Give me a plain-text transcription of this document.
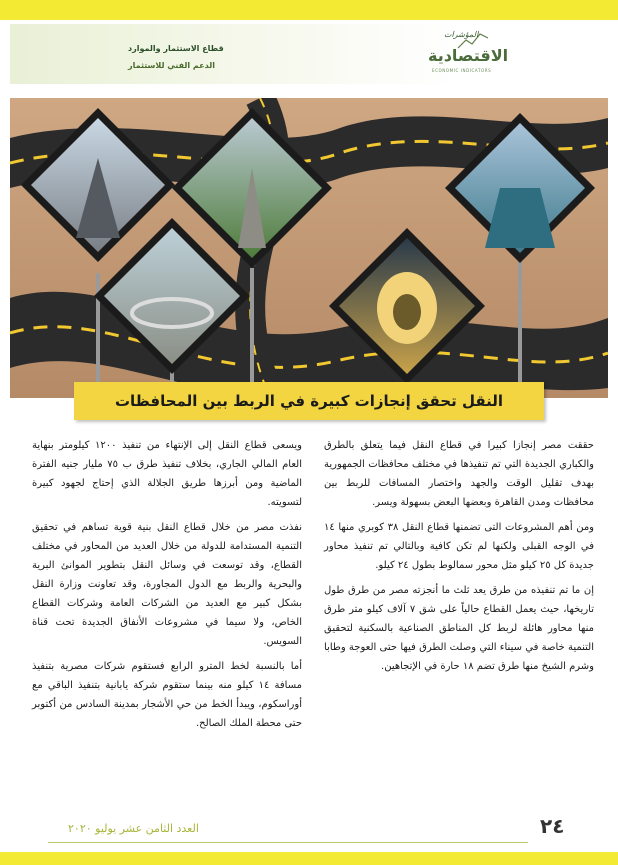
قطاع الاستثمار والموارد
الدعم الفني للاستثمار
المؤشرات
الاقتصادية
ECONOMIC INDICATORS
النقل تحقق إنجازات كبيرة في الربط بين المحافظات

حققت مصر إنجازا كبيرا في قطاع النقل فيما يتعلق بالطرق والكباري الجديدة التي تم تنفيذها في مختلف محافظات الجمهورية بهدف تقليل الوقت والجهد واختصار المسافات للربط بين محافظات ومدن القاهرة وبعضها البعض بسهولة ويسر.

ومن أهم المشروعات التى تضمنها قطاع النقل ٣٨ كوبري منها ١٤ في الوجه القبلى ولكنها لم تكن كافية وبالتالي تم تنفيذ محاور جديدة كل ٢٥ كيلو مثل محور سمالوط بطول ٢٤ كيلو.

إن ما تم تنفيذه من طرق يعد ثلث ما أنجزته مصر من طرق طول تاريخها، حيث يعمل القطاع حالياً على شق ٧ آلاف كيلو متر طرق منها محاور هائلة لربط كل المناطق الصناعية بالسكنية لتحقيق التنمية خاصة في سيناء التي وصلت الطرق فيها حتى العوجة وطابا وشرم الشيخ منها طرق تضم ١٨ حارة في الإتجاهين.

ويسعى قطاع النقل إلى الإنتهاء من تنفيذ ١٢٠٠ كيلومتر بنهاية العام المالي الجاري، بخلاف تنفيذ طرق ب ٧٥ مليار جنيه الفترة الماضية ومن أبرزها طريق الجلالة الذي إحتاج لجهود كبيرة لتسويته.

نفذت مصر من خلال قطاع النقل بنية قوية تساهم في تحقيق التنمية المستدامة للدولة من خلال العديد من المحاور في مختلف القطاع، وقد توسعت في وسائل النقل بتطوير الموانئ البرية والبحرية والربط مع الدول المجاورة، وقد تعاونت وزارة النقل بشكل كبير مع العديد من الشركات العامة وشركات القطاع الخاص، ولا سيما في مشروعات الأنفاق الجديدة تحت قناة السويس.

أما بالنسبة لخط المترو الرابع فستقوم شركات مصرية بتنفيذ مسافة ١٤ كيلو منه بينما ستقوم شركة يابانية بتنفيذ الباقي مع أوراسكوم، ويبدأ الخط من حي الأشجار بمدينة السادس من أكتوبر حتى محطة الملك الصالح.

العدد الثامن عشر يوليو ٢٠٢٠	٢٤
